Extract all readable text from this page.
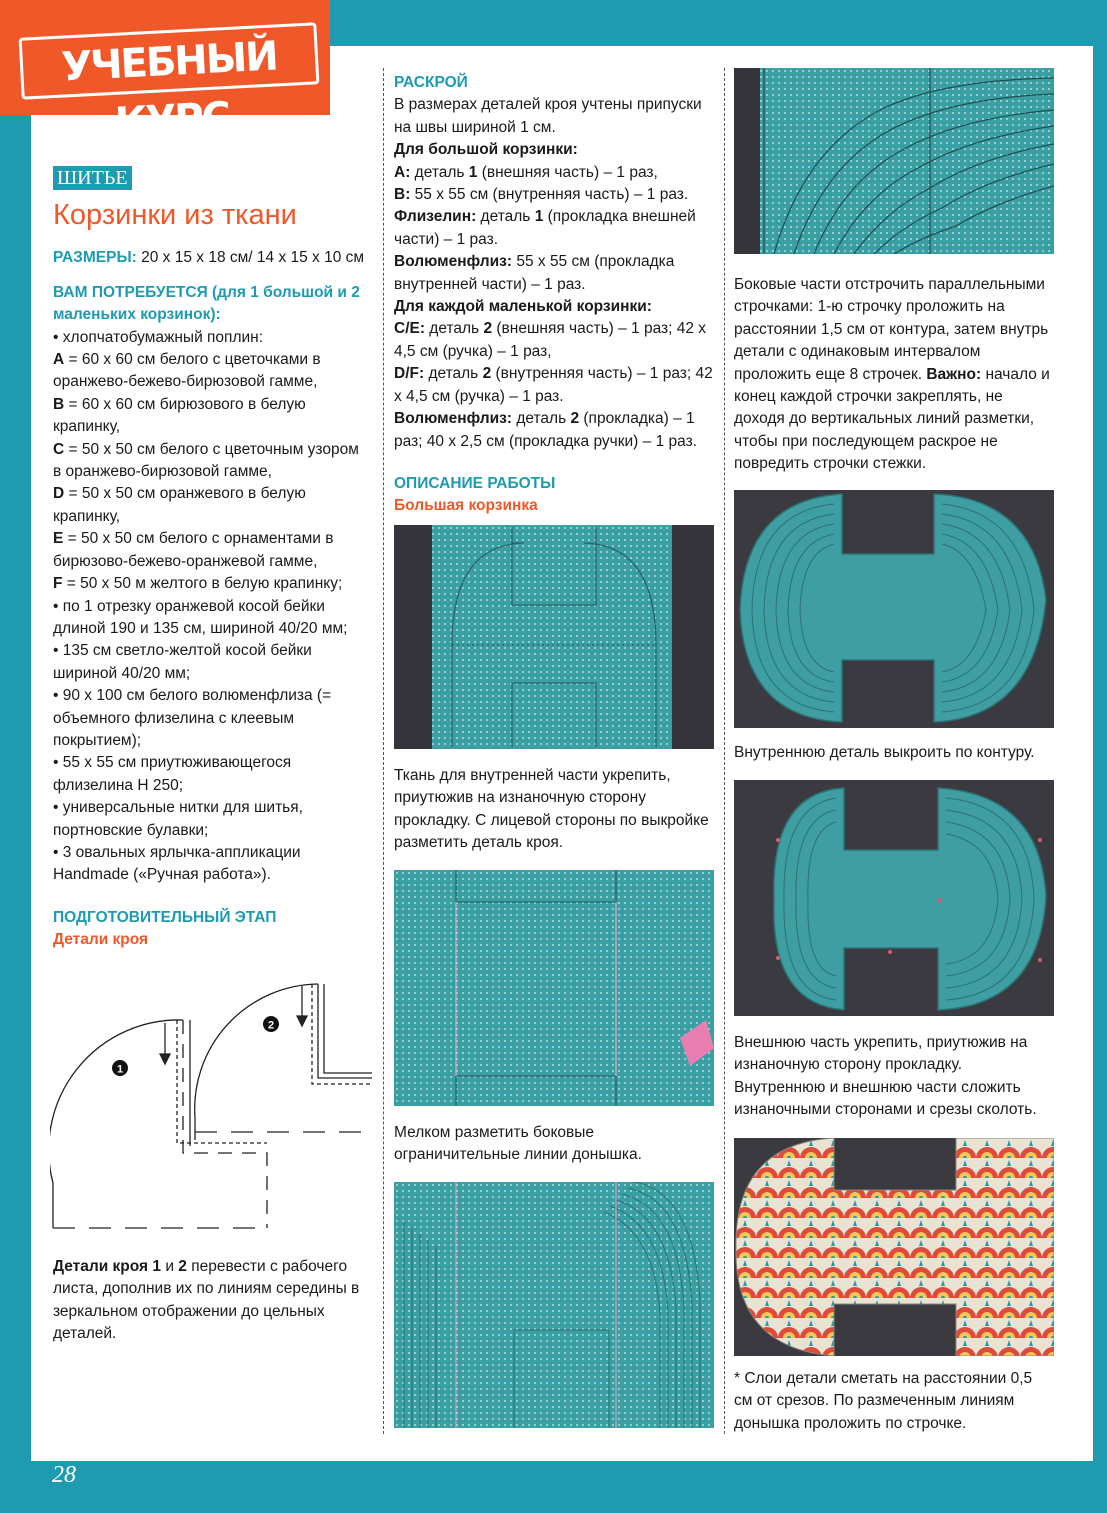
28
УЧЕБНЫЙ КУРС
ШИТЬЕ
Корзинки из ткани

РАЗМЕРЫ: 20 х 15 х 18 см/ 14 х 15 х 10 см

ВАМ ПОТРЕБУЕТСЯ (для 1 большой и 2 маленьких корзинок):

• хлопчатобумажный поплин:

A = 60 х 60 см белого с цветочками в оранжево-бежево-бирюзовой гамме,

B = 60 х 60 см бирюзового в белую крапинку,

C = 50 х 50 см белого с цветочным узором в оранжево-бирюзовой гамме,

D = 50 х 50 см оранжевого в белую крапинку,

E = 50 х 50 см белого с орнаментами в бирюзово-бежево-оранжевой гамме,

F = 50 х 50 м желтого в белую крапинку;

• по 1 отрезку оранжевой косой бейки длиной 190 и 135 см, шириной 40/20 мм;

• 135 см светло-желтой косой бейки шириной 40/20 мм;

• 90 х 100 см белого волюменфлиза (= объемного флизелина с клеевым покрытием);

• 55 х 55 см приутюживающегося флизелина H 250;

• универсальные нитки для шитья, портновские булавки;

• 3 овальных ярлычка-аппликации Handmade («Ручная работа»).

ПОДГОТОВИТЕЛЬНЫЙ ЭТАП

Детали кроя

1
2
Детали кроя 1 и 2 перевести с рабочего листа, дополнив их по линиям середины в зеркальном отображении до цельных деталей.

РАСКРОЙ

В размерах деталей кроя учтены припуски на швы шириной 1 см.

Для большой корзинки:

A: деталь 1 (внешняя часть) – 1 раз,

B: 55 х 55 см (внутренняя часть) – 1 раз.

Флизелин: деталь 1 (прокладка внешней части) – 1 раз.

Волюменфлиз: 55 х 55 см (прокладка внутренней части) – 1 раз.

Для каждой маленькой корзинки:

C/E: деталь 2 (внешняя часть) – 1 раз; 42 х 4,5 см (ручка) – 1 раз,

D/F: деталь 2 (внутренняя часть) – 1 раз; 42 х 4,5 см (ручка) – 1 раз.

Волюменфлиз: деталь 2 (прокладка) – 1 раз; 40 х 2,5 см (прокладка ручки) – 1 раз.

ОПИСАНИЕ РАБОТЫ

Большая корзинка

Ткань для внутренней части укрепить, приутюжив на изнаночную сторону прокладку. С лицевой стороны по выкройке разметить деталь кроя.
Мелком разметить боковые ограничительные линии донышка.
Боковые части отстрочить параллельными строчками: 1-ю строчку проложить на расстоянии 1,5 см от контура, затем внутрь детали с одинаковым интервалом проложить еще 8 строчек. Важно: начало и конец каждой строчки закреплять, не доходя до вертикальных линий разметки, чтобы при последующем раскрое не повредить строчки стежки.
Внутреннюю деталь выкроить по контуру.
Внешнюю часть укрепить, приутюжив на изнаночную сторону прокладку. Внутреннюю и внешнюю части сложить изнаночными сторонами и срезы сколоть.
* Слои детали сметать на расстоянии 0,5 см от срезов. По размеченным линиям донышка проложить по строчке.
